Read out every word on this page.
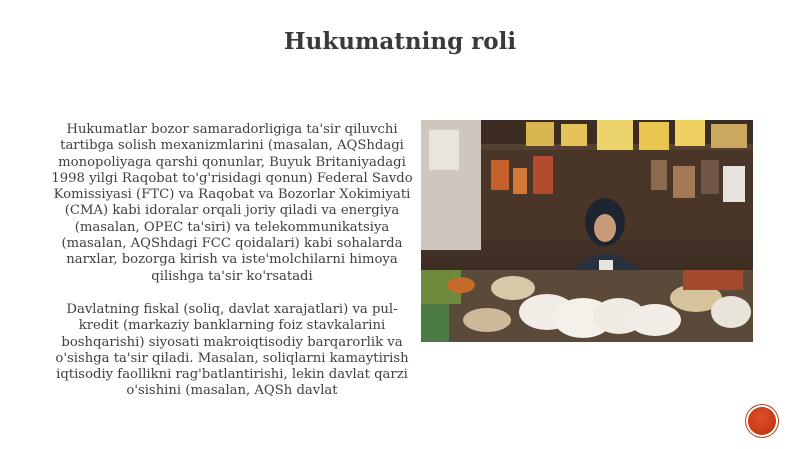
Hukumatning roli

Hukumatlar bozor samaradorligiga ta'sir qiluvchi tartibga solish mexanizmlarini (masalan, AQShdagi monopoliyaga qarshi qonunlar, Buyuk Britaniyadagi 1998 yilgi Raqobat to'g'risidagi qonun) Federal Savdo Komissiyasi (FTC) va Raqobat va Bozorlar Xokimiyati (CMA) kabi idoralar orqali joriy qiladi va energiya (masalan, OPEC ta'siri) va telekommunikatsiya (masalan, AQShdagi FCC qoidalari) kabi sohalarda narxlar, bozorga kirish va iste'molchilarni himoya qilishga ta'sir ko'rsatadi

Davlatning fiskal (soliq, davlat xarajatlari) va pul-kredit (markaziy banklarning foiz stavkalarini boshqarishi) siyosati makroiqtisodiy barqarorlik va o'sishga ta'sir qiladi. Masalan, soliqlarni kamaytirish iqtisodiy faollikni rag'batlantirishi, lekin davlat qarzi o'sishini (masalan, AQSh davlat
